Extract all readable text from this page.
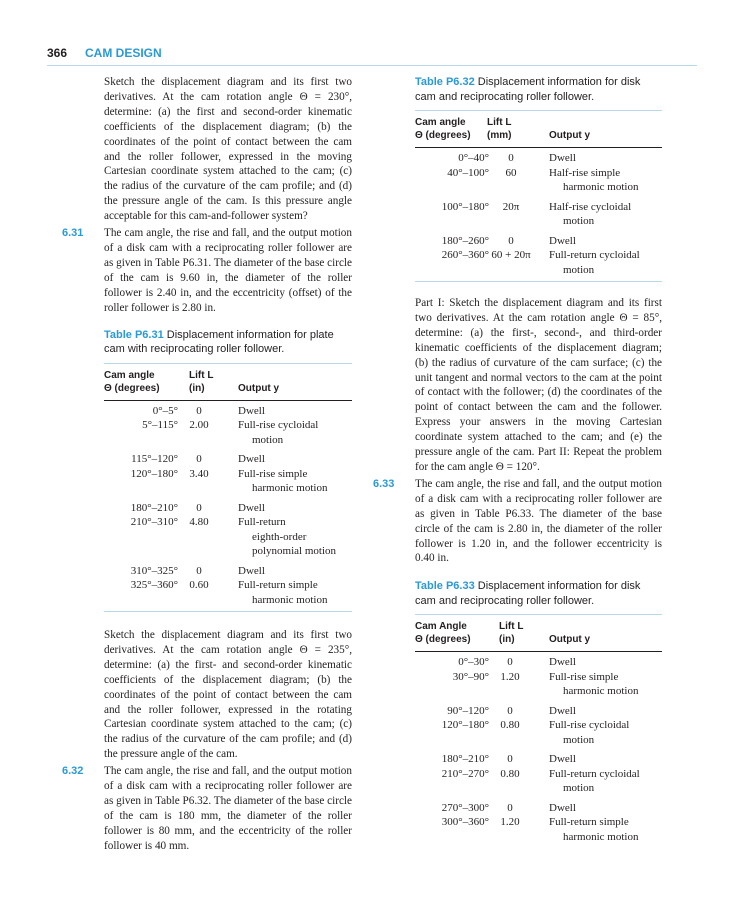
366 CAM DESIGN

Sketch the displacement diagram and its first two derivatives. At the cam rotation angle Θ = 230°, determine: (a) the first and second-order kinematic coefficients of the displacement diagram; (b) the coordinates of the point of contact between the cam and the roller follower, expressed in the moving Cartesian coordinate system attached to the cam; (c) the radius of the curvature of the cam profile; and (d) the pressure angle of the cam. Is this pressure angle acceptable for this cam-and-follower system?

6.31 The cam angle, the rise and fall, and the output motion of a disk cam with a reciprocating roller follower are as given in Table P6.31. The diameter of the base circle of the cam is 9.60 in, the diameter of the roller follower is 2.40 in, and the eccentricity (offset) of the roller follower is 2.80 in.

Table P6.31 Displacement information for plate cam with reciprocating roller follower.

Cam angle
Θ (degrees)
Lift L
(in)	Output y
0°–5°	0	Dwell
5°–115°	2.00	Full-rise cycloidal
motion
115°–120°	0	Dwell
120°–180°	3.40	Full-rise simple
harmonic motion
180°–210°	0	Dwell
210°–310°	4.80	Full-return
eighth-order
polynomial motion
310°–325°	0	Dwell
325°–360°	0.60	Full-return simple
harmonic motion

Sketch the displacement diagram and its first two derivatives. At the cam rotation angle Θ = 235°, determine: (a) the first- and second-order kinematic coefficients of the displacement diagram; (b) the coordinates of the point of contact between the cam and the roller follower, expressed in the rotating Cartesian coordinate system attached to the cam; (c) the radius of the curvature of the cam profile; and (d) the pressure angle of the cam.

6.32 The cam angle, the rise and fall, and the output motion of a disk cam with a reciprocating roller follower are as given in Table P6.32. The diameter of the base circle of the cam is 180 mm, the diameter of the roller follower is 80 mm, and the eccentricity of the roller follower is 40 mm.

Table P6.32 Displacement information for disk cam and reciprocating roller follower.

Cam angle
Θ (degrees)
Lift L
(mm)	Output y
0°–40°	0	Dwell
40°–100°	60	Half-rise simple
harmonic motion
100°–180°	20π	Half-rise cycloidal
motion
180°–260°	0	Dwell
260°–360° 60 + 20π	Full-return cycloidal
motion

Part I: Sketch the displacement diagram and its first two derivatives. At the cam rotation angle Θ = 85°, determine: (a) the first-, second-, and third-order kinematic coefficients of the displacement diagram; (b) the radius of curvature of the cam surface; (c) the unit tangent and normal vectors to the cam at the point of contact with the follower; (d) the coordinates of the point of contact between the cam and the follower. Express your answers in the moving Cartesian coordinate system attached to the cam; and (e) the pressure angle of the cam. Part II: Repeat the problem for the cam angle Θ = 120°.

6.33 The cam angle, the rise and fall, and the output motion of a disk cam with a reciprocating roller follower are as given in Table P6.33. The diameter of the base circle of the cam is 2.80 in, the diameter of the roller follower is 1.20 in, and the follower eccentricity is 0.40 in.

Table P6.33 Displacement information for disk cam and reciprocating roller follower.

Cam Angle
Θ (degrees)
Lift L
(in)	Output y
0°–30°	0	Dwell
30°–90°	1.20	Full-rise simple
harmonic motion
90°–120°	0	Dwell
120°–180°	0.80	Full-rise cycloidal
motion
180°–210°	0	Dwell
210°–270°	0.80	Full-return cycloidal
motion
270°–300°	0	Dwell
300°–360°	1.20	Full-return simple
harmonic motion
